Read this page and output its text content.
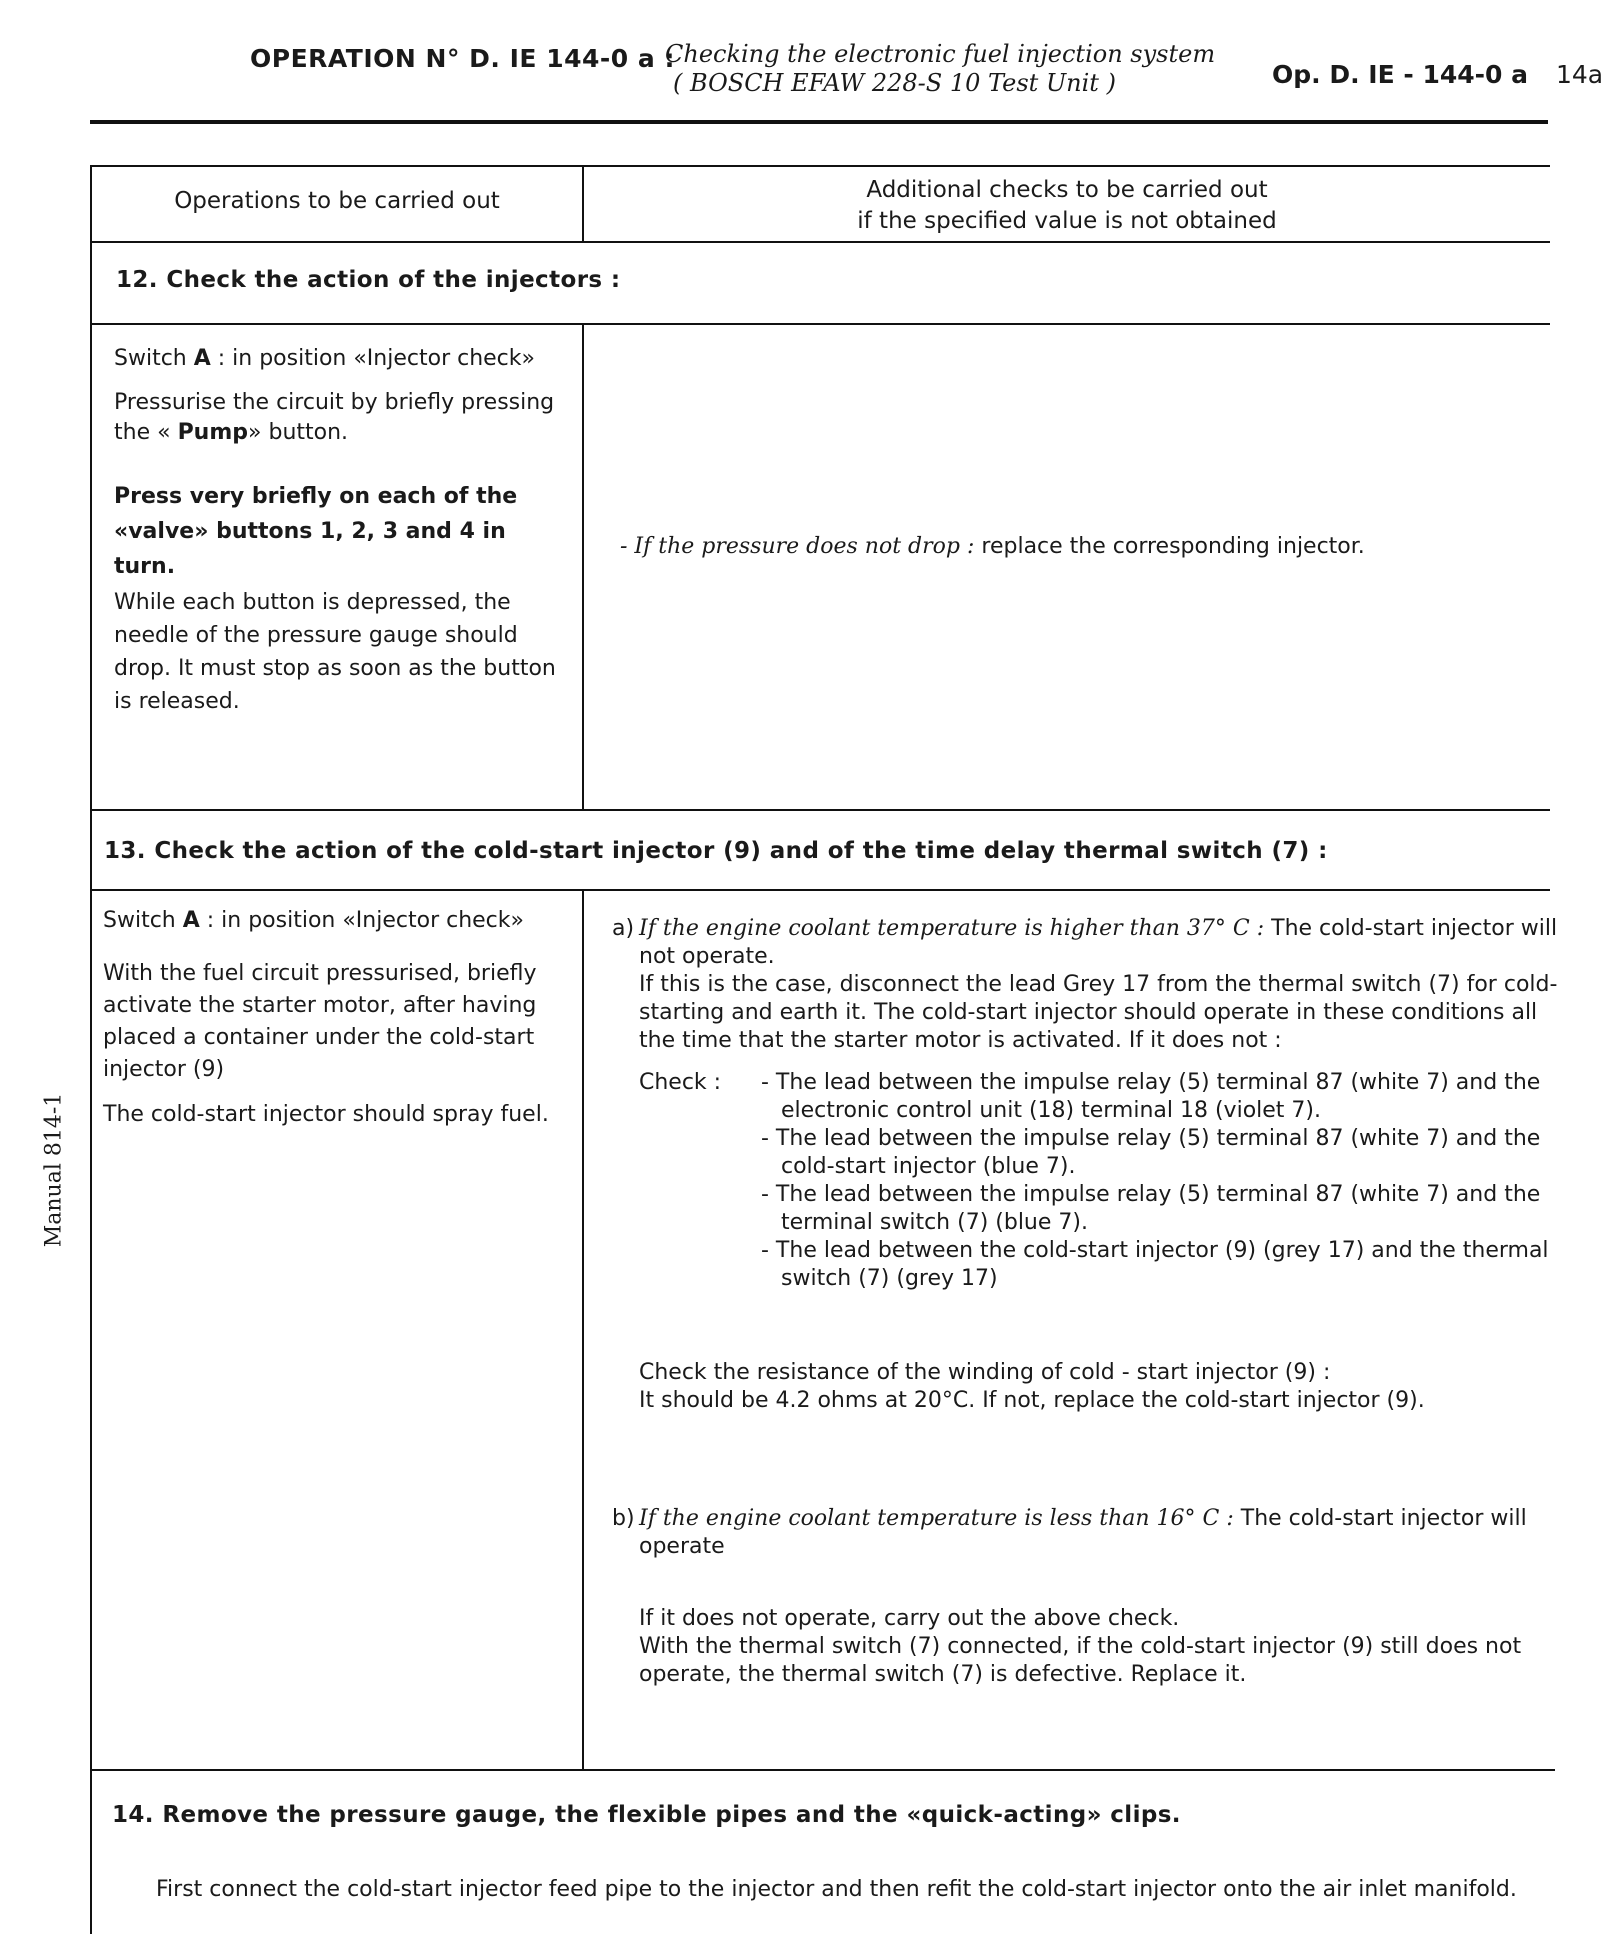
OPERATION N° D. IE 144-0 a :
Checking the electronic fuel injection system
( BOSCH EFAW 228-S 10 Test Unit )	Op. D. IE - 144-0 a 14a
Manual 814-1
Operations to be carried out	Additional checks to be carried out
if the specified value is not obtained
12. Check the action of the injectors :

Switch A : in position «Injector check»

Pressurise the circuit by briefly pressing the « Pump» button.

Press very briefly on each of the «valve» buttons 1, 2, 3 and 4 in turn.

While each button is depressed, the needle of the pressure gauge should drop. It must stop as soon as the button is released.

- If the pressure does not drop : replace the corresponding injector.
13. Check the action of the cold-start injector (9) and of the time delay thermal switch (7) :

Switch A : in position «Injector check»

With the fuel circuit pressurised, briefly activate the starter motor, after having placed a container under the cold-start injector (9)

The cold-start injector should spray fuel.

a) If the engine coolant temperature is higher than 37° C : The cold-start injector will not operate.

If this is the case, disconnect the lead Grey 17 from the thermal switch (7) for cold-starting and earth it. The cold-start injector should operate in these conditions all the time that the starter motor is activated. If it does not :

Check : - The lead between the impulse relay (5) terminal 87 (white 7) and the electronic control unit (18) terminal 18 (violet 7).
- The lead between the impulse relay (5) terminal 87 (white 7) and the cold-start injector (blue 7).
- The lead between the impulse relay (5) terminal 87 (white 7) and the terminal switch (7) (blue 7).
- The lead between the cold-start injector (9) (grey 17) and the thermal switch (7) (grey 17)

Check the resistance of the winding of cold - start injector (9) :

It should be 4.2 ohms at 20°C. If not, replace the cold-start injector (9).

b) If the engine coolant temperature is less than 16° C : The cold-start injector will operate

If it does not operate, carry out the above check.

With the thermal switch (7) connected, if the cold-start injector (9) still does not operate, the thermal switch (7) is defective. Replace it.

14. Remove the pressure gauge, the flexible pipes and the «quick-acting» clips.
First connect the cold-start injector feed pipe to the injector and then refit the cold-start injector onto the air inlet manifold.
